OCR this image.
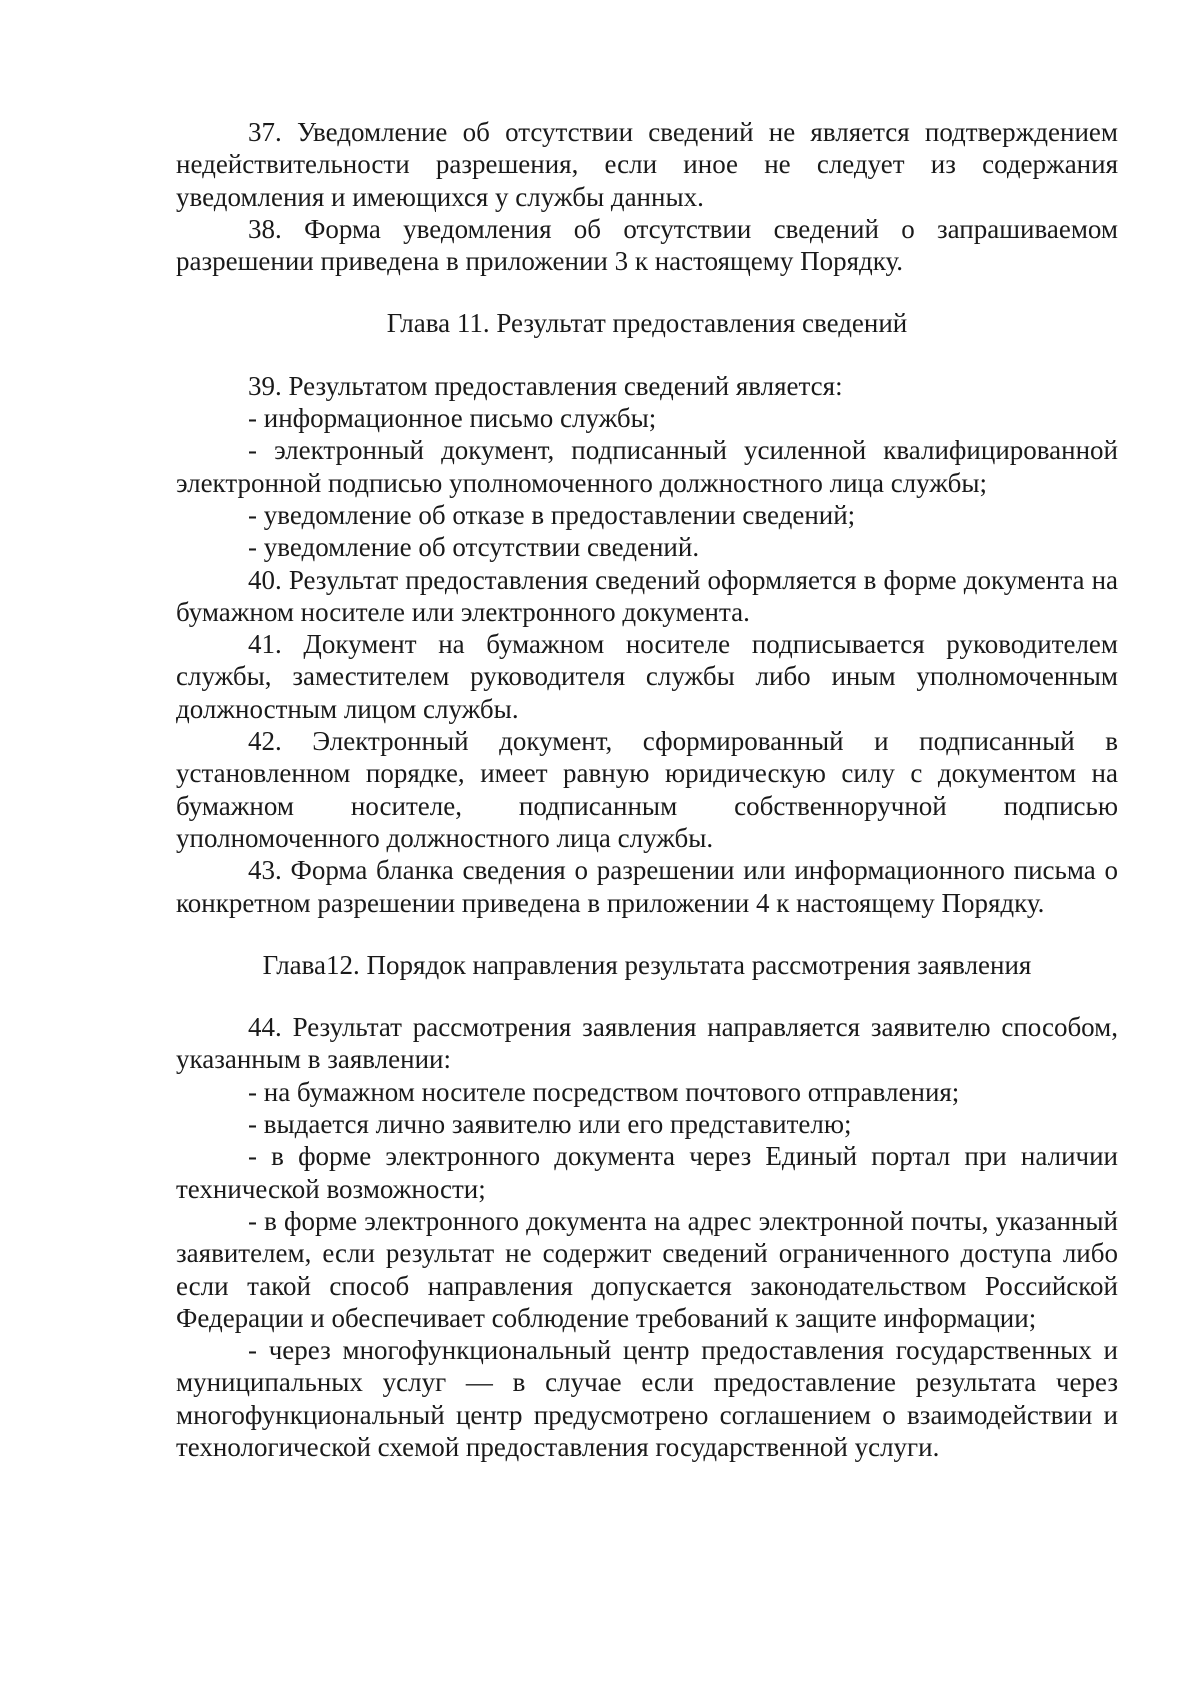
37. Уведомление об отсутствии сведений не является подтверждением недействительности разрешения, если иное не следует из содержания уведомления и имеющихся у службы данных.

38. Форма уведомления об отсутствии сведений о запрашиваемом разрешении приведена в приложении 3 к настоящему Порядку.

Глава 11. Результат предоставления сведений

39. Результатом предоставления сведений является:

- информационное письмо службы;

- электронный документ, подписанный усиленной квалифицированной электронной подписью уполномоченного должностного лица службы;

- уведомление об отказе в предоставлении сведений;

- уведомление об отсутствии сведений.

40. Результат предоставления сведений оформляется в форме документа на бумажном носителе или электронного документа.

41. Документ на бумажном носителе подписывается руководителем службы, заместителем руководителя службы либо иным уполномоченным должностным лицом службы.

42. Электронный документ, сформированный и подписанный в установленном порядке, имеет равную юридическую силу с документом на бумажном носителе, подписанным собственноручной подписью уполномоченного должностного лица службы.

43. Форма бланка сведения о разрешении или информационного письма о конкретном разрешении приведена в приложении 4 к настоящему Порядку.

Глава12. Порядок направления результата рассмотрения заявления

44. Результат рассмотрения заявления направляется заявителю способом, указанным в заявлении:

- на бумажном носителе посредством почтового отправления;

- выдается лично заявителю или его представителю;

- в форме электронного документа через Единый портал при наличии технической возможности;

- в форме электронного документа на адрес электронной почты, указанный заявителем, если результат не содержит сведений ограниченного доступа либо если такой способ направления допускается законодательством Российской Федерации и обеспечивает соблюдение требований к защите информации;

- через многофункциональный центр предоставления государственных и муниципальных услуг — в случае если предоставление результата через многофункциональный центр предусмотрено соглашением о взаимодействии и технологической схемой предоставления государственной услуги.
